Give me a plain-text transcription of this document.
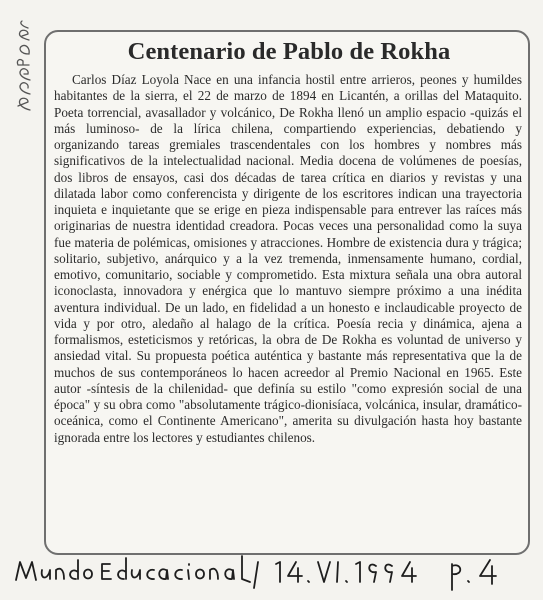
Centenario de Pablo de Rokha

Carlos Díaz Loyola Nace en una infancia hostil entre arrieros, peones y humildes habitantes de la sierra, el 22 de marzo de 1894 en Licantén, a orillas del Mataquito. Poeta torrencial, avasallador y volcánico, De Rokha llenó un amplio espacio -quizás el más luminoso- de la lírica chilena, compartiendo experiencias, debatiendo y organizando tareas gremiales trascendentales con los hombres y nombres más significativos de la intelectualidad nacional. Media docena de volúmenes de poesías, dos libros de ensayos, casi dos décadas de tarea crítica en diarios y revistas y una dilatada labor como conferencista y dirigente de los escritores indican una trayectoria inquieta e inquietante que se erige en pieza indispensable para entrever las raíces más originarias de nuestra identidad creadora. Pocas veces una personalidad como la suya fue materia de polémicas, omisiones y atracciones. Hombre de existencia dura y trágica; solitario, subjetivo, anárquico y a la vez tremenda, inmensamente humano, cordial, emotivo, comunitario, sociable y comprometido. Esta mixtura señala una obra autoral iconoclasta, innovadora y enérgica que lo mantuvo siempre próximo a una inédita aventura individual. De un lado, en fidelidad a un honesto e inclaudicable proyecto de vida y por otro, aledaño al halago de la crítica. Poesía recia y dinámica, ajena a formalismos, esteticismos y retóricas, la obra de De Rokha es voluntad de universo y ansiedad vital. Su propuesta poética auténtica y bastante más representativa que la de muchos de sus contemporáneos lo hacen acreedor al Premio Nacional en 1965. Este autor -síntesis de la chilenidad- que definía su estilo "como expresión social de una época" y su obra como "absolutamente trágico-dionisíaca, volcánica, insular, dramático-oceánica, como el Continente Americano", amerita su divulgación hasta hoy bastante ignorada entre los lectores y estudiantes chilenos.
